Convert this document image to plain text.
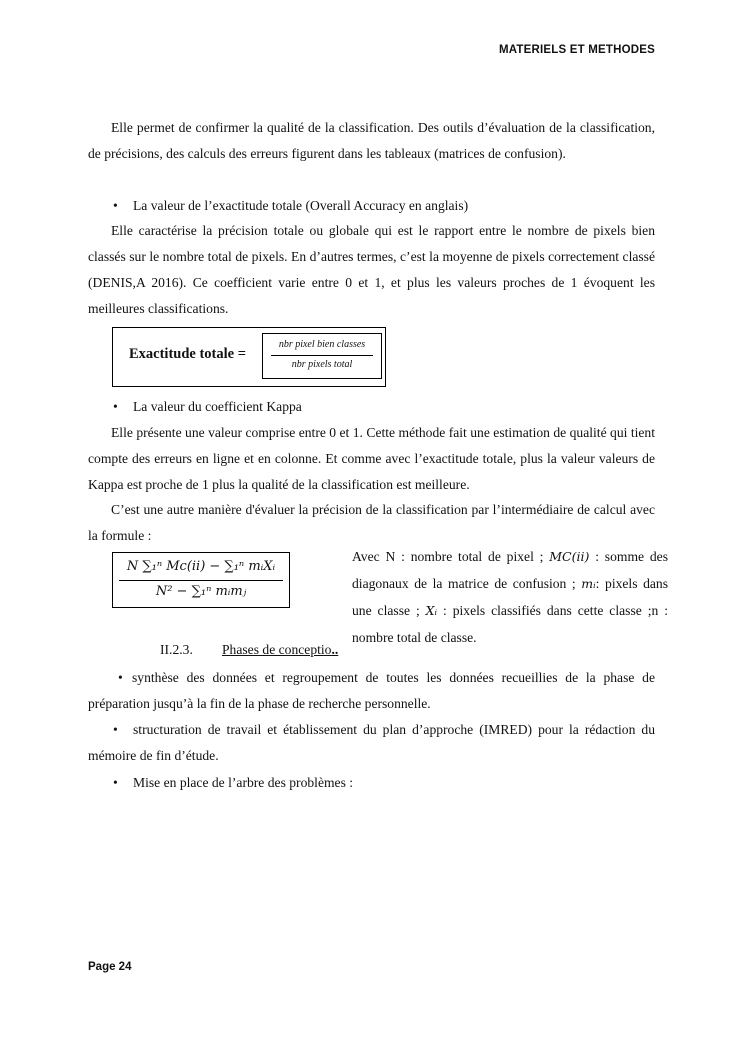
MATERIELS ET METHODES

Elle permet de confirmer la qualité de la classification. Des outils d’évaluation de la classification, de précisions, des calculs des erreurs figurent dans les tableaux (matrices de confusion).

• La valeur de l’exactitude totale (Overall Accuracy en anglais)

Elle caractérise la précision totale ou globale qui est le rapport entre le nombre de pixels bien classés sur le nombre total de pixels. En d’autres termes, c’est la moyenne de pixels correctement classé (DENIS,A 2016). Ce coefficient varie entre 0 et 1, et plus les valeurs proches de 1 évoquent les meilleures classifications.

Exactitude totale =
nbr pixel bien classes
nbr pixels total

• La valeur du coefficient Kappa

Elle présente une valeur comprise entre 0 et 1. Cette méthode fait une estimation de qualité qui tient compte des erreurs en ligne et en colonne. Et comme avec l’exactitude totale, plus la valeur valeurs de Kappa est proche de 1 plus la qualité de la classification est meilleure.

C’est une autre manière d'évaluer la précision de la classification par l’intermédiaire de calcul avec la formule :

N ∑₁ⁿ Mc(ii) − ∑₁ⁿ mᵢXᵢ
N² − ∑₁ⁿ mᵢmⱼ

Avec N : nombre total de pixel ; MC(ii) : somme des diagonaux de la matrice de confusion ; mᵢ: pixels dans une classe ; Xᵢ : pixels classifiés dans cette classe ;n : nombre total de classe.

II.2.3. Phases de conceptio..

• synthèse des données et regroupement de toutes les données recueillies de la phase de préparation jusqu’à la fin de la phase de recherche personnelle.

• structuration de travail et établissement du plan d’approche (IMRED) pour la rédaction du mémoire de fin d’étude.

• Mise en place de l’arbre des problèmes :

Page 24
